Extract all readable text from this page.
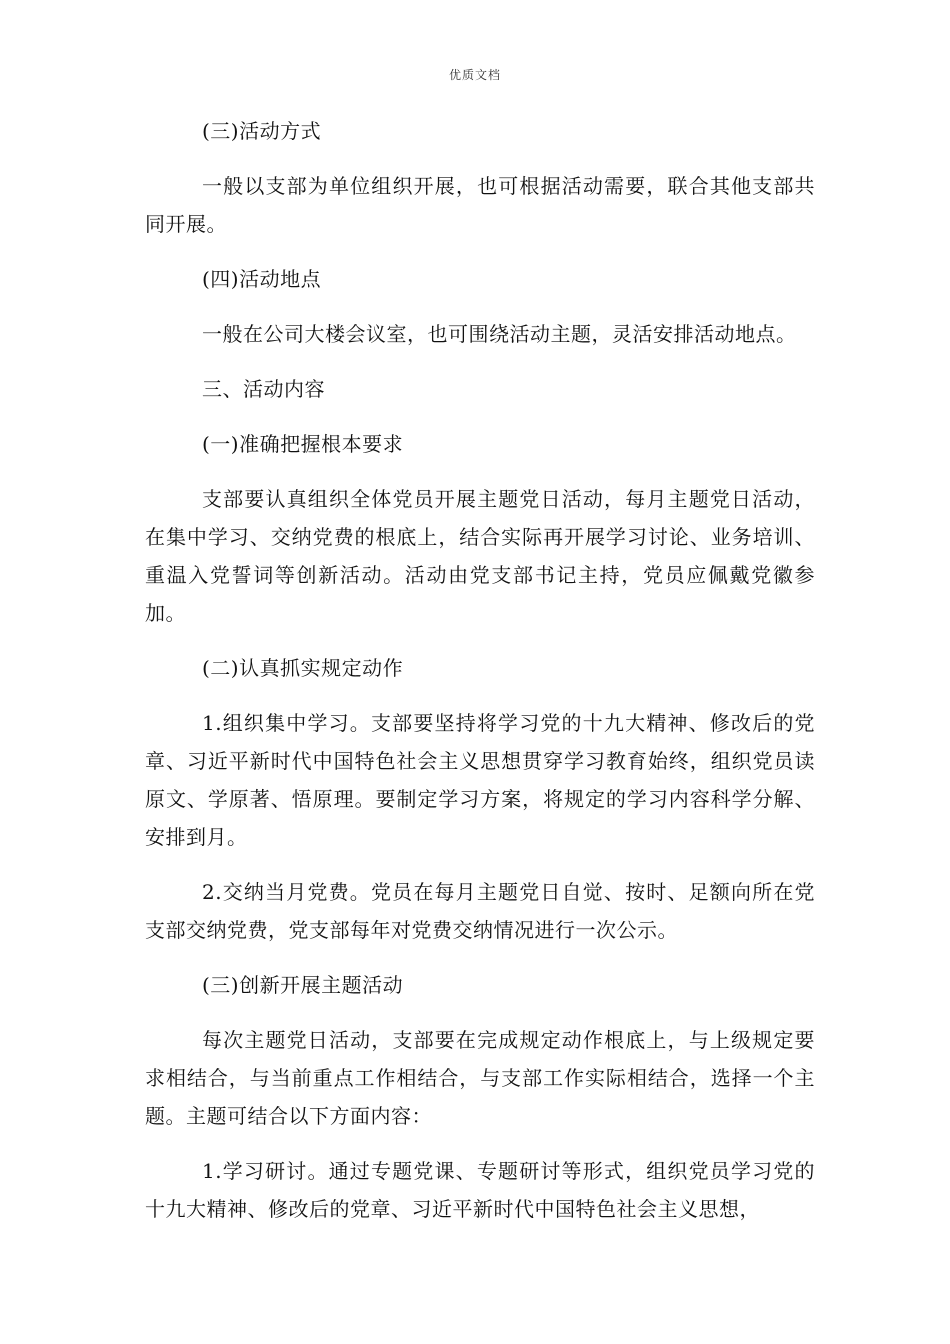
优质文档

(三)活动方式

一般以支部为单位组织开展，也可根据活动需要，联合其他支部共同开展。

(四)活动地点

一般在公司大楼会议室，也可围绕活动主题，灵活安排活动地点。

三、活动内容

(一)准确把握根本要求

支部要认真组织全体党员开展主题党日活动，每月主题党日活动，在集中学习、交纳党费的根底上，结合实际再开展学习讨论、业务培训、重温入党誓词等创新活动。活动由党支部书记主持，党员应佩戴党徽参加。

(二)认真抓实规定动作

1.组织集中学习。支部要坚持将学习党的十九大精神、修改后的党章、习近平新时代中国特色社会主义思想贯穿学习教育始终，组织党员读原文、学原著、悟原理。要制定学习方案，将规定的学习内容科学分解、安排到月。

2.交纳当月党费。党员在每月主题党日自觉、按时、足额向所在党支部交纳党费，党支部每年对党费交纳情况进行一次公示。

(三)创新开展主题活动

每次主题党日活动，支部要在完成规定动作根底上，与上级规定要求相结合，与当前重点工作相结合，与支部工作实际相结合，选择一个主题。主题可结合以下方面内容：

1.学习研讨。通过专题党课、专题研讨等形式，组织党员学习党的十九大精神、修改后的党章、习近平新时代中国特色社会主义思想，
